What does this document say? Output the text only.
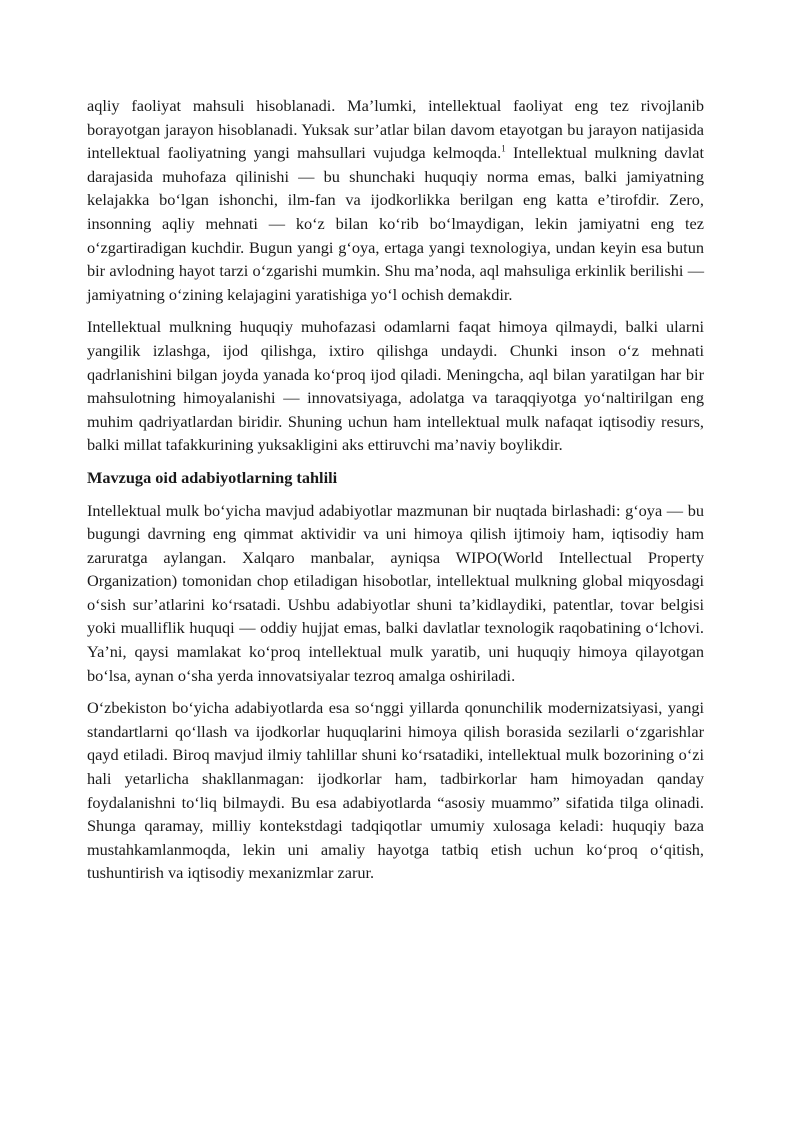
aqliy faoliyat mahsuli hisoblanadi. Ma’lumki, intellektual faoliyat eng tez rivojlanib borayotgan jarayon hisoblanadi. Yuksak sur’atlar bilan davom etayotgan bu jarayon natijasida intellektual faoliyatning yangi mahsullari vujudga kelmoqda.$^1$ Intellektual mulkning davlat darajasida muhofaza qilinishi — bu shunchaki huquqiy norma emas, balki jamiyatning kelajakka bo‘lgan ishonchi, ilm-fan va ijodkorlikka berilgan eng katta e’tirofdir. Zero, insonning aqliy mehnati — ko‘z bilan ko‘rib bo‘lmaydigan, lekin jamiyatni eng tez o‘zgartiradigan kuchdir. Bugun yangi g‘oya, ertaga yangi texnologiya, undan keyin esa butun bir avlodning hayot tarzi o‘zgarishi mumkin. Shu ma’noda, aql mahsuliga erkinlik berilishi — jamiyatning o‘zining kelajagini yaratishiga yo‘l ochish demakdir.

Intellektual mulkning huquqiy muhofazasi odamlarni faqat himoya qilmaydi, balki ularni yangilik izlashga, ijod qilishga, ixtiro qilishga undaydi. Chunki inson o‘z mehnati qadrlanishini bilgan joyda yanada ko‘proq ijod qiladi. Meningcha, aql bilan yaratilgan har bir mahsulotning himoyalanishi — innovatsiyaga, adolatga va taraqqiyotga yo‘naltirilgan eng muhim qadriyatlardan biridir. Shuning uchun ham intellektual mulk nafaqat iqtisodiy resurs, balki millat tafakkurining yuksakligini aks ettiruvchi ma’naviy boylikdir.

Mavzuga oid adabiyotlarning tahlili

Intellektual mulk bo‘yicha mavjud adabiyotlar mazmunan bir nuqtada birlashadi: g‘oya — bu bugungi davrning eng qimmat aktividir va uni himoya qilish ijtimoiy ham, iqtisodiy ham zaruratga aylangan. Xalqaro manbalar, ayniqsa WIPO(World Intellectual Property Organization) tomonidan chop etiladigan hisobotlar, intellektual mulkning global miqyosdagi o‘sish sur’atlarini ko‘rsatadi. Ushbu adabiyotlar shuni ta’kidlaydiki, patentlar, tovar belgisi yoki mualliflik huquqi — oddiy hujjat emas, balki davlatlar texnologik raqobatining o‘lchovi. Ya’ni, qaysi mamlakat ko‘proq intellektual mulk yaratib, uni huquqiy himoya qilayotgan bo‘lsa, aynan o‘sha yerda innovatsiyalar tezroq amalga oshiriladi.

O‘zbekiston bo‘yicha adabiyotlarda esa so‘nggi yillarda qonunchilik modernizatsiyasi, yangi standartlarni qo‘llash va ijodkorlar huquqlarini himoya qilish borasida sezilarli o‘zgarishlar qayd etiladi. Biroq mavjud ilmiy tahlillar shuni ko‘rsatadiki, intellektual mulk bozorining o‘zi hali yetarlicha shakllanmagan: ijodkorlar ham, tadbirkorlar ham himoyadan qanday foydalanishni to‘liq bilmaydi. Bu esa adabiyotlarda “asosiy muammo” sifatida tilga olinadi. Shunga qaramay, milliy kontekstdagi tadqiqotlar umumiy xulosaga keladi: huquqiy baza mustahkamlanmoqda, lekin uni amaliy hayotga tatbiq etish uchun ko‘proq o‘qitish, tushuntirish va iqtisodiy mexanizmlar zarur.
